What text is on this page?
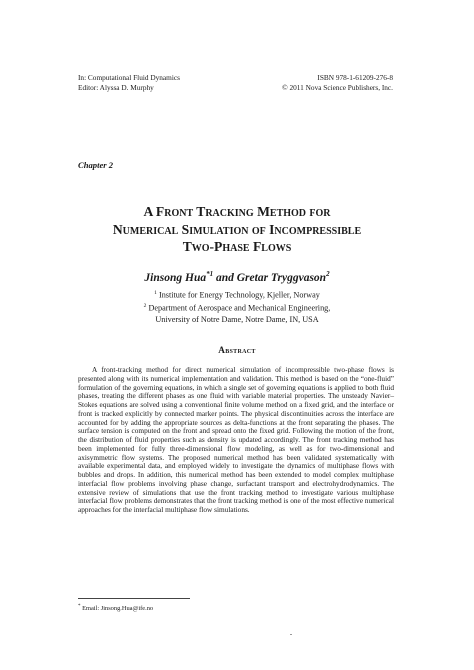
In: Computational Fluid Dynamics
Editor: Alyssa D. Murphy
ISBN 978-1-61209-276-8
© 2011 Nova Science Publishers, Inc.
Chapter 2
A Front Tracking Method for
Numerical Simulation of Incompressible
Two-Phase Flows
Jinsong Hua$^{*1}$ and Gretar Tryggvason$^2$
$^1$ Institute for Energy Technology, Kjeller, Norway
$^2$ Department of Aerospace and Mechanical Engineering,
University of Notre Dame, Notre Dame, IN, USA
Abstract

A front-tracking method for direct numerical simulation of incompressible two-phase flows is presented along with its numerical implementation and validation. This method is based on the “one-fluid” formulation of the governing equations, in which a single set of governing equations is applied to both fluid phases, treating the different phases as one fluid with variable material properties. The unsteady Navier–Stokes equations are solved using a conventional finite volume method on a fixed grid, and the interface or front is tracked explicitly by connected marker points. The physical discontinuities across the interface are accounted for by adding the appropriate sources as delta-functions at the front separating the phases. The surface tension is computed on the front and spread onto the fixed grid. Following the motion of the front, the distribution of fluid properties such as density is updated accordingly. The front tracking method has been implemented for fully three-dimensional flow modeling, as well as for two-dimensional and axisymmetric flow systems. The proposed numerical method has been validated systematically with available experimental data, and employed widely to investigate the dynamics of multiphase flows with bubbles and drops. In addition, this numerical method has been extended to model complex multiphase interfacial flow problems involving phase change, surfactant transport and electrohydrodynamics. The extensive review of simulations that use the front tracking method to investigate various multiphase interfacial flow problems demonstrates that the front tracking method is one of the most effective numerical approaches for the interfacial multiphase flow simulations.

* Email: Jinsong.Hua@ife.no
